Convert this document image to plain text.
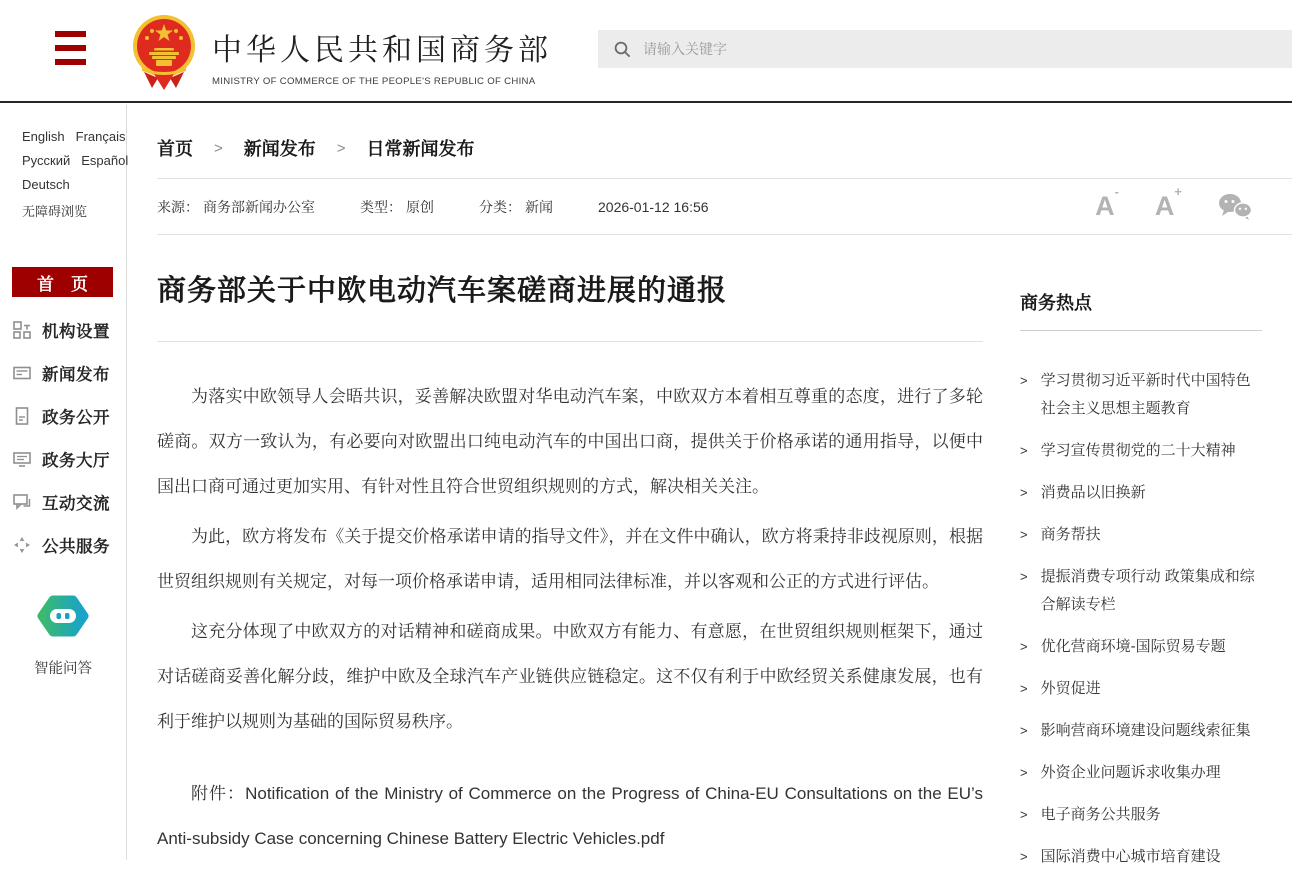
中华人民共和国商务部
MINISTRY OF COMMERCE OF THE PEOPLE'S REPUBLIC OF CHINA
请输入关键字
English Français
Русский Español
Deutsch
无障碍浏览
首　页
机构设置
新闻发布
政务公开
政务大厅
互动交流
公共服务
智能问答
首页 > 新闻发布 > 日常新闻发布
来源： 商务部新闻办公室	类型： 原创	分类： 新闻	2026-01-12 16:56	A- A+
商务部关于中欧电动汽车案磋商进展的通报

为落实中欧领导人会晤共识，妥善解决欧盟对华电动汽车案，中欧双方本着相互尊重的态度，进行了多轮磋商。双方一致认为，有必要向对欧盟出口纯电动汽车的中国出口商，提供关于价格承诺的通用指导，以便中国出口商可通过更加实用、有针对性且符合世贸组织规则的方式，解决相关关注。

为此，欧方将发布《关于提交价格承诺申请的指导文件》，并在文件中确认，欧方将秉持非歧视原则，根据世贸组织规则有关规定，对每一项价格承诺申请，适用相同法律标准，并以客观和公正的方式进行评估。

这充分体现了中欧双方的对话精神和磋商成果。中欧双方有能力、有意愿，在世贸组织规则框架下，通过对话磋商妥善化解分歧，维护中欧及全球汽车产业链供应链稳定。这不仅有利于中欧经贸关系健康发展，也有利于维护以规则为基础的国际贸易秩序。

附件：Notification of the Ministry of Commerce on the Progress of China-EU Consultations on the EU’s Anti-subsidy Case concerning Chinese Battery Electric Vehicles.pdf

商务热点
> 学习贯彻习近平新时代中国特色社会主义思想主题教育
> 学习宣传贯彻党的二十大精神
> 消费品以旧换新
> 商务帮扶
> 提振消费专项行动 政策集成和综合解读专栏
> 优化营商环境-国际贸易专题
> 外贸促进
> 影响营商环境建设问题线索征集
> 外资企业问题诉求收集办理
> 电子商务公共服务
> 国际消费中心城市培育建设
